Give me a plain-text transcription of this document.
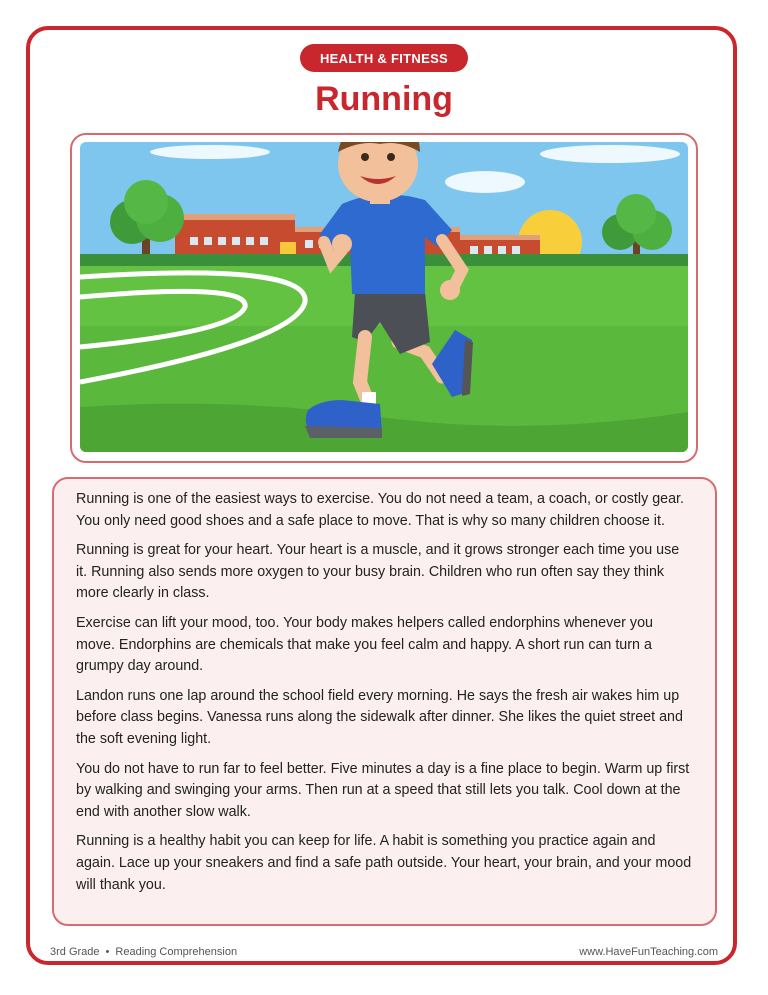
HEALTH & FITNESS
Running

Running is one of the easiest ways to exercise. You do not need a team, a coach, or costly gear. You only need good shoes and a safe place to move. That is why so many children choose it.

Running is great for your heart. Your heart is a muscle, and it grows stronger each time you use it. Running also sends more oxygen to your busy brain. Children who run often say they think more clearly in class.

Exercise can lift your mood, too. Your body makes helpers called endorphins whenever you move. Endorphins are chemicals that make you feel calm and happy. A short run can turn a grumpy day around.

Landon runs one lap around the school field every morning. He says the fresh air wakes him up before class begins. Vanessa runs along the sidewalk after dinner. She likes the quiet street and the soft evening light.

You do not have to run far to feel better. Five minutes a day is a fine place to begin. Warm up first by walking and swinging your arms. Then run at a speed that still lets you talk. Cool down at the end with another slow walk.

Running is a healthy habit you can keep for life. A habit is something you practice again and again. Lace up your sneakers and find a safe path outside. Your heart, your brain, and your mood will thank you.

3rd Grade • Reading Comprehension	www.HaveFunTeaching.com
